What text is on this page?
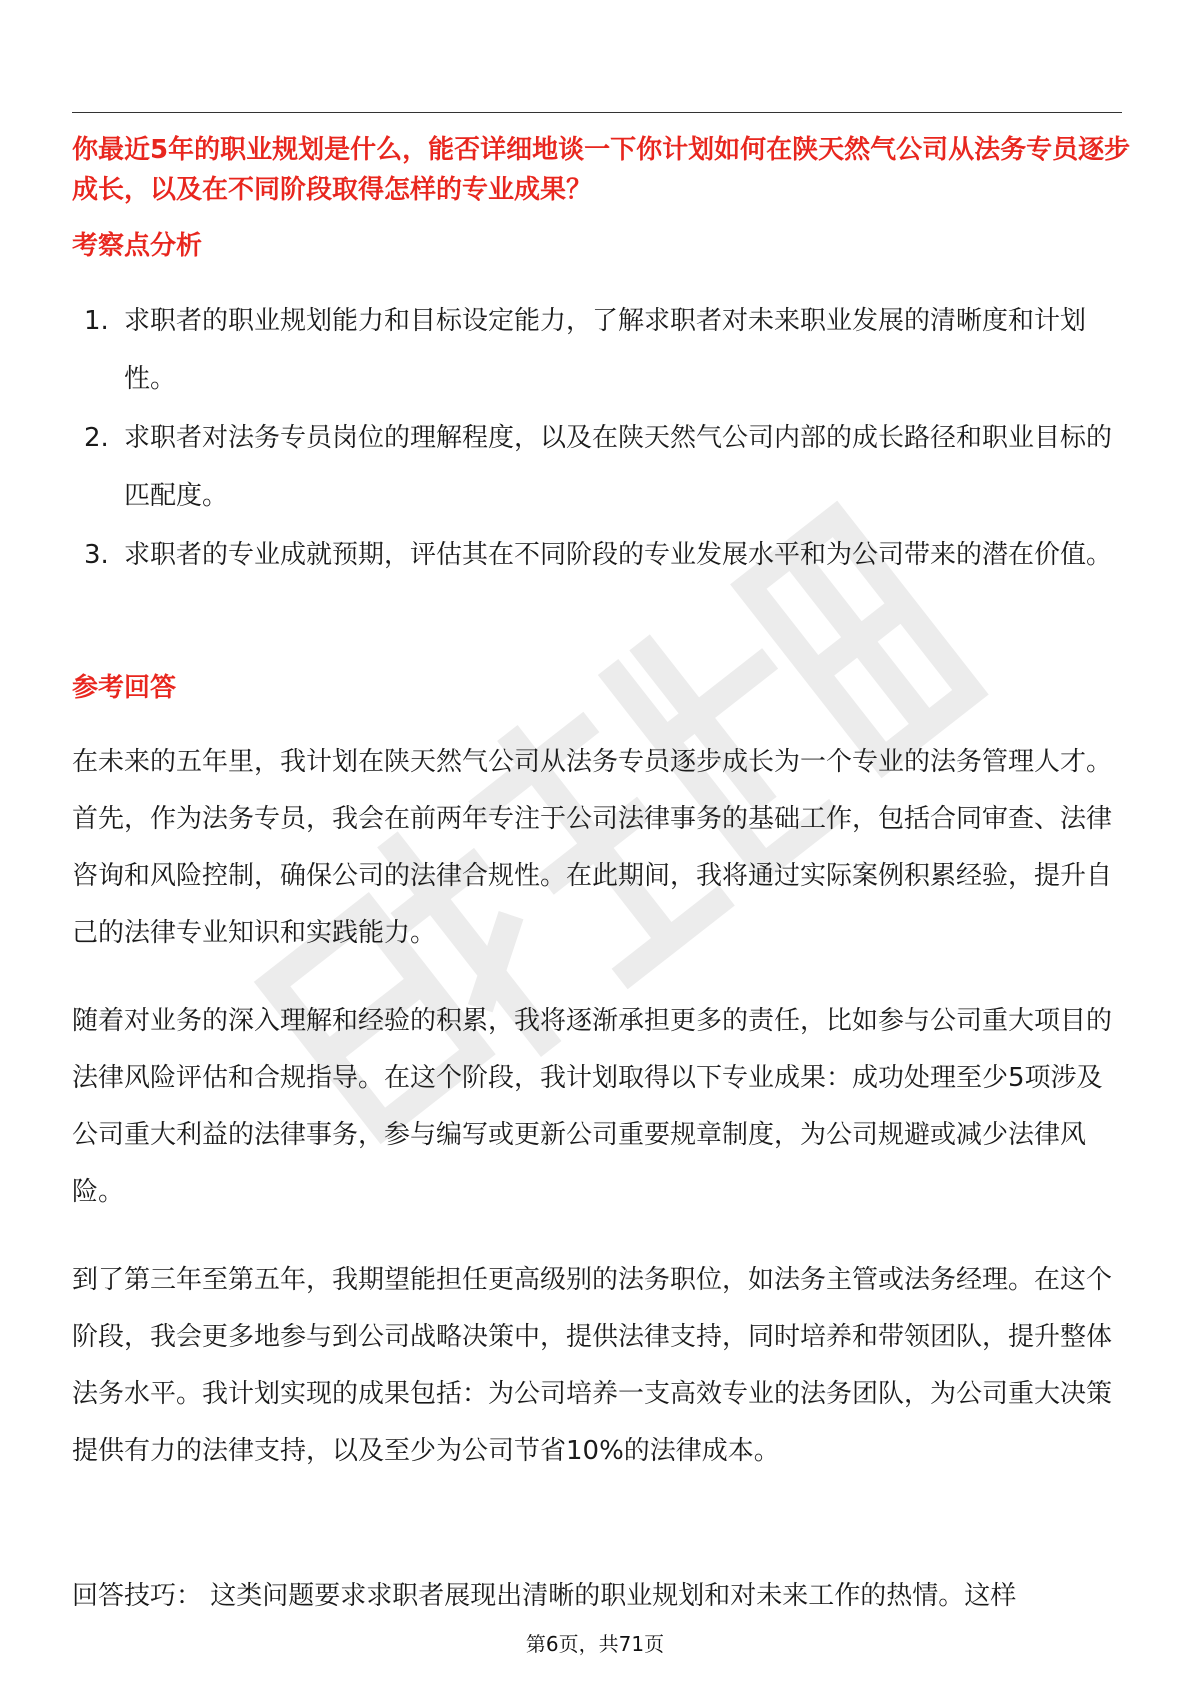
你最近5年的职业规划是什么，能否详细地谈一下你计划如何在陕天然气公司从法务专员逐步成长，以及在不同阶段取得怎样的专业成果？

考察点分析
1. 求职者的职业规划能力和目标设定能力，了解求职者对未来职业发展的清晰度和计划性。
2. 求职者对法务专员岗位的理解程度，以及在陕天然气公司内部的成长路径和职业目标的匹配度。
3. 求职者的专业成就预期，评估其在不同阶段的专业发展水平和为公司带来的潜在价值。
参考回答

在未来的五年里，我计划在陕天然气公司从法务专员逐步成长为一个专业的法务管理人才。首先，作为法务专员，我会在前两年专注于公司法律事务的基础工作，包括合同审查、法律咨询和风险控制，确保公司的法律合规性。在此期间，我将通过实际案例积累经验，提升自己的法律专业知识和实践能力。

随着对业务的深入理解和经验的积累，我将逐渐承担更多的责任，比如参与公司重大项目的法律风险评估和合规指导。在这个阶段，我计划取得以下专业成果：成功处理至少5项涉及公司重大利益的法律事务，参与编写或更新公司重要规章制度，为公司规避或减少法律风险。

到了第三年至第五年，我期望能担任更高级别的法务职位，如法务主管或法务经理。在这个阶段，我会更多地参与到公司战略决策中，提供法律支持，同时培养和带领团队，提升整体法务水平。我计划实现的成果包括：为公司培养一支高效专业的法务团队，为公司重大决策提供有力的法律支持，以及至少为公司节省10%的法律成本。

回答技巧： 这类问题要求求职者展现出清晰的职业规划和对未来工作的热情。这样

第6页，共71页
